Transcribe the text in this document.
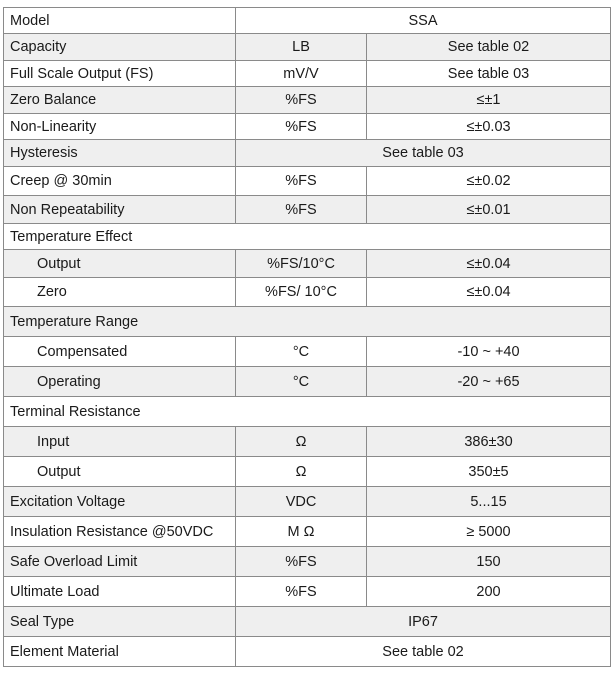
Model	SSA	
Capacity	LB	See table 02
Full Scale Output (FS)	mV/V	See table 03
Zero Balance	%FS	≤±1
Non-Linearity	%FS	≤±0.03
Hysteresis	See table 03	
Creep @ 30min	%FS	≤±0.02
Non Repeatability	%FS	≤±0.01
Temperature Effect		
Output	%FS/10°C	≤±0.04
Zero	%FS/ 10°C	≤±0.04
Temperature Range		
Compensated	°C	-10 ~ +40
Operating	°C	-20 ~ +65
Terminal Resistance		
Input	Ω	386±30
Output	Ω	350±5
Excitation Voltage	VDC	5...15
Insulation Resistance @50VDC	M Ω	≥ 5000
Safe Overload Limit	%FS	150
Ultimate Load	%FS	200
Seal Type	IP67	
Element Material	See table 02	
